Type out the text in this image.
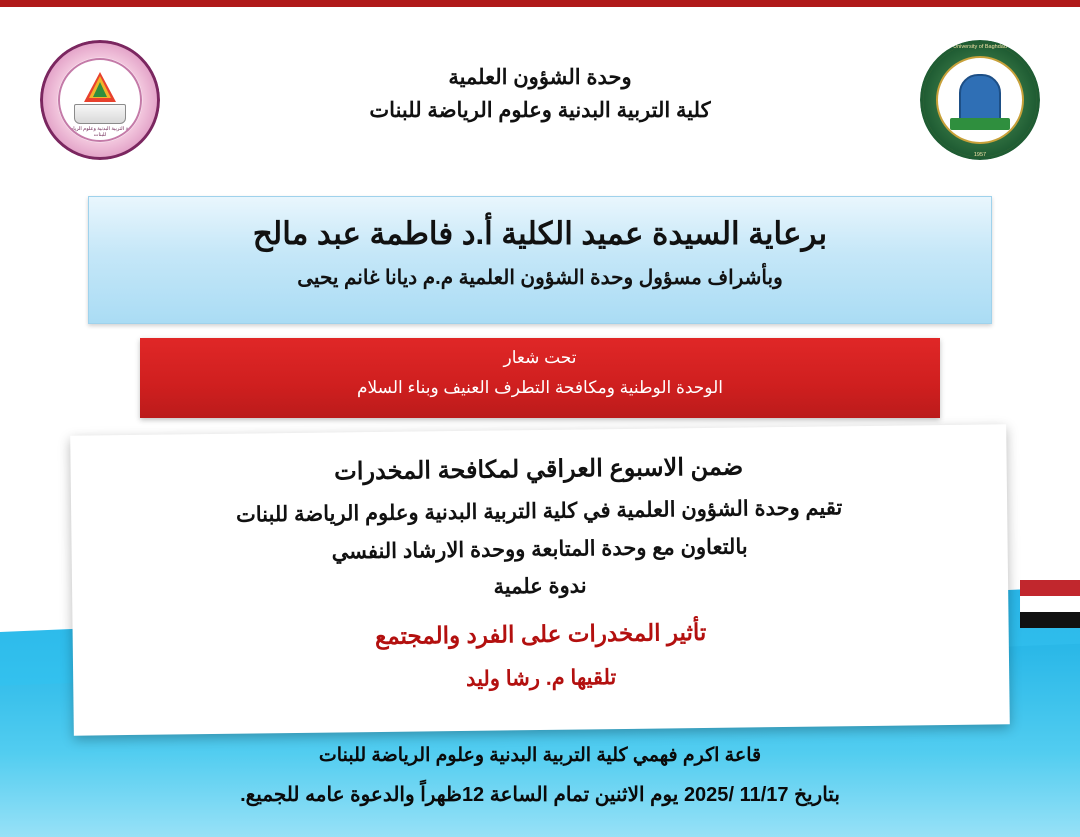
كلية التربية البدنية وعلوم الرياضة للبنات
University of Baghdad
1957
وحدة الشؤون العلمية
كلية التربية البدنية وعلوم الرياضة للبنات
برعاية السيدة عميد الكلية أ.د فاطمة عبد مالح
وبأشراف مسؤول وحدة الشؤون العلمية م.م ديانا غانم يحيى
تحت شعار
الوحدة الوطنية ومكافحة التطرف العنيف وبناء السلام
ضمن الاسبوع العراقي لمكافحة المخدرات
تقيم وحدة الشؤون العلمية في كلية التربية البدنية وعلوم الرياضة للبنات
بالتعاون مع وحدة المتابعة ووحدة الارشاد النفسي
ندوة علمية
تأثير المخدرات على الفرد والمجتمع
تلقيها م. رشا وليد
قاعة اكرم فهمي كلية التربية البدنية وعلوم الرياضة للبنات
بتاريخ 11/17 /2025 يوم الاثنين تمام الساعة 12ظهراً والدعوة عامه للجميع.
